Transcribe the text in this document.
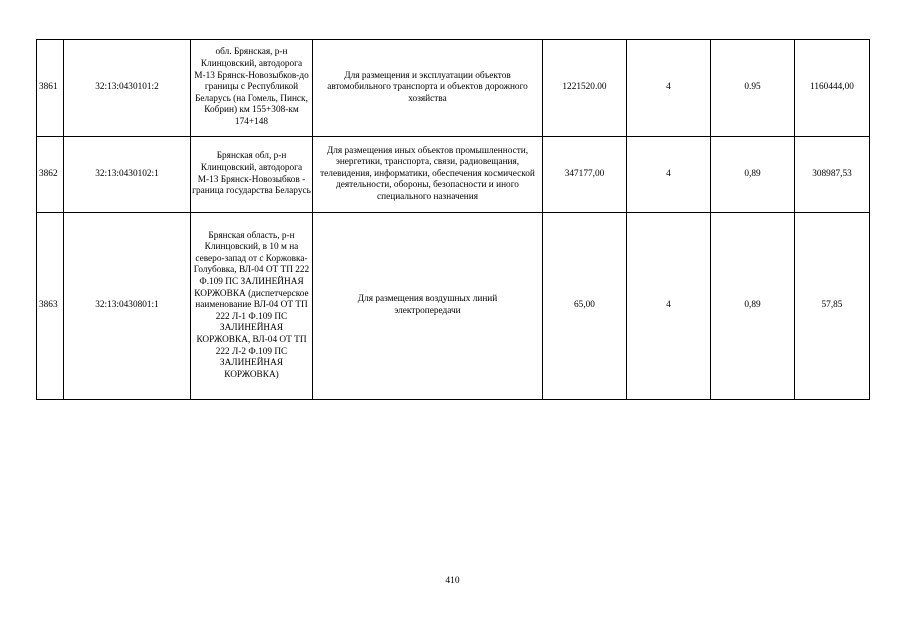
3861	32:13:0430101:2	обл. Брянская, р-н Клинцовский, автодорога М-13 Брянск-Новозыбков-до границы с Республикой Беларусь (на Гомель, Пинск, Кобрин) км 155+308-км 174+148	Для размещения и эксплуатации объектов автомобильного транспорта и объектов дорожного хозяйства	1221520.00	4	0.95	1160444,00
3862	32:13:0430102:1	Брянская обл, р-н Клинцовский, автодорога М-13 Брянск-Новозыбков - граница государства Беларусь	Для размещения иных объектов промышленности, энергетики, транспорта, связи, радиовещания, телевидения, информатики, обеспечения космической деятельности, обороны, безопасности и иного специального назначения	347177,00	4	0,89	308987,53
3863	32:13:0430801:1	Брянская область, р-н Клинцовский, в 10 м на северо-запад от с Коржовка-Голубовка, ВЛ-04 ОТ ТП 222 Ф.109 ПС ЗАЛИНЕЙНАЯ КОРЖОВКА (диспетчерское наименование ВЛ-04 ОТ ТП 222 Л-1 Ф.109 ПС ЗАЛИНЕЙНАЯ КОРЖОВКА, ВЛ-04 ОТ ТП 222 Л-2 Ф.109 ПС ЗАЛИНЕЙНАЯ КОРЖОВКА)	Для размещения воздушных линий электропередачи	65,00	4	0,89	57,85
410
